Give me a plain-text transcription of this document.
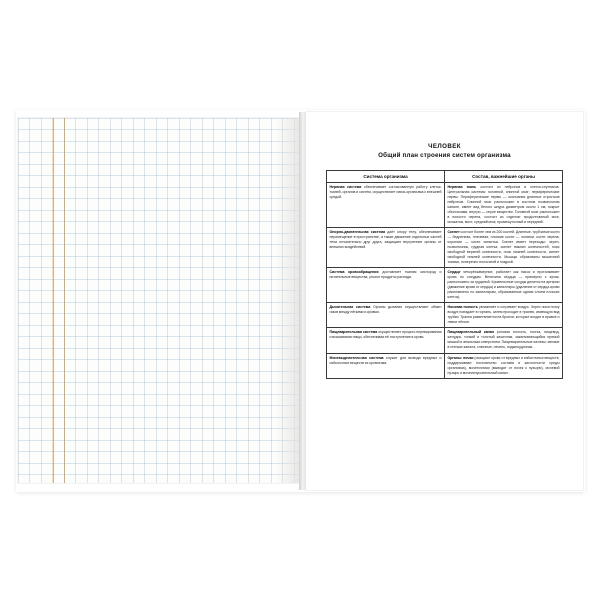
ЧЕЛОВЕК
Общий план строения систем организма
Система организма	Состав, важнейшие органы

Нервная система обеспечивает согласованную работу клеток, тканей, органов и систем, осуществляет связь организма с внешней средой.	Нервная ткань состоит из нейронов и клеток-спутников. Центральная система: головной, спинной мозг; периферические нервы. Периферические нервы — окончания длинных отростков нейронов. Спинной мозг расположен в костном позвоночном канале, имеет вид белого шнура диаметром около 1 см; покрыт оболочками, внутри — серое вещество. Головной мозг расположен в полости черепа, состоит из отделов: продолговатый мозг, мозжечок, мост, средний мозг, промежуточный и передний.

Опорно-двигательная система даёт опору телу, обеспечивает перемещение в пространстве, а также движение отдельных частей тела относительно друг друга, защищает внутренние органы от внешних воздействий.	Скелет состоит более чем из 200 костей. Длинные, трубчатые кости — бедренная, плечевая; плоские кости — лопатки, кости черепа; короткие — кости запястья. Скелет имеет переходы: череп, позвоночник, грудная клетка, скелет нижних конечностей, пояс свободной верхней конечности, пояс нижней конечности, скелет свободной нижней конечности. Мышцы образованы мышечной тканью, поперечно полосатой и гладкой.

Система кровообращения доставляет тканям кислород и питательные вещества, уносит продукты распада.	Сердце четырёхкамерное, работает как насос и проталкивает кровь по сосудам. Величина сердца — примерно с кулак, расположено за грудиной. Кровеносные сосуды делятся на артерии (движение крови от сердца) и капилляры (удаление от сердца крови расплавлено по капиллярам, образованные одним слоем плоских клеток).

Дыхательная система Органы дыхания осуществляют обмен газов между лёгкими и кровью.	Носовая полость увлажняет и согревает воздух. Через носоглотку воздух попадает в гортань, затем проходит в трахею, имеющую вид трубки. Трахея разветвляется на бронхи, которые входят в правое и левое лёгкое.

Пищеварительная система осуществляет процесс переваривания и всасывания пищи, обеспечивая её поступление в кровь.	Пищеварительный канал ротовая полость, глотка, пищевод, желудок, тонкий и толстый кишечник, заканчивающийся прямой кишкой и анальным отверстием. Пищеварительные железы: мелкие в стенках канала, слюнные, печень, поджелудочная.

Мочевыделительная система служит для вывода вредных и избыточных веществ из организма.	Органы: почки (очищают кровь от вредных и избыточных веществ, поддерживают постоянство состава и кислотности среды организма), мочеточники (выводят от почек к пузырю), мочевой пузырь и мочеиспускательный канал.
